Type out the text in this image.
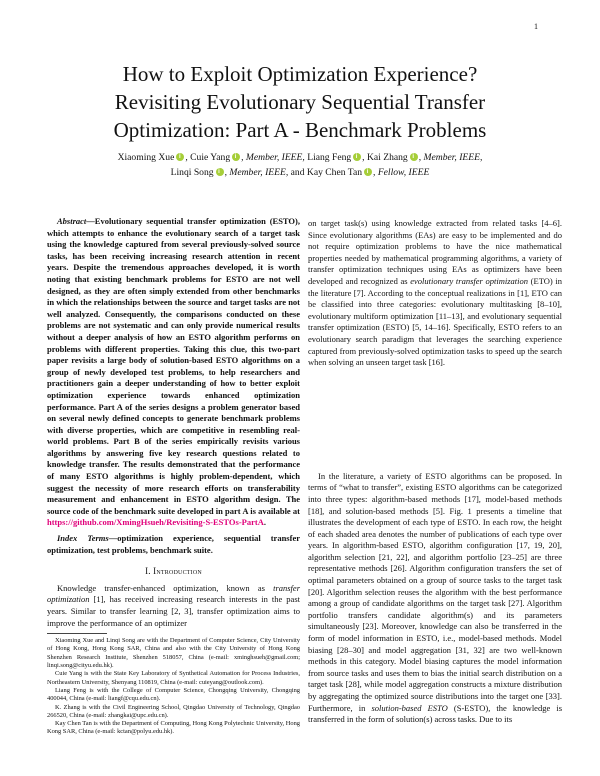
1
How to Exploit Optimization Experience?
Revisiting Evolutionary Sequential Transfer
Optimization: Part A - Benchmark Problems
Xiaoming Xue i , Cuie Yang i , Member, IEEE, Liang Feng i , Kai Zhang i , Member, IEEE,
Linqi Song i , Member, IEEE, and Kay Chen Tan i , Fellow, IEEE

Abstract—Evolutionary sequential transfer optimization (ESTO), which attempts to enhance the evolutionary search of a target task using the knowledge captured from several previously-solved source tasks, has been receiving increasing research attention in recent years. Despite the tremendous approaches developed, it is worth noting that existing benchmark problems for ESTO are not well designed, as they are often simply extended from other benchmarks in which the relationships between the source and target tasks are not well analyzed. Consequently, the comparisons conducted on these problems are not systematic and can only provide numerical results without a deeper analysis of how an ESTO algorithm performs on problems with different properties. Taking this clue, this two-part paper revisits a large body of solution-based ESTO algorithms on a group of newly developed test problems, to help researchers and practitioners gain a deeper understanding of how to better exploit optimization experience towards enhanced optimization performance. Part A of the series designs a problem generator based on several newly defined concepts to generate benchmark problems with diverse properties, which are competitive in resembling real-world problems. Part B of the series empirically revisits various algorithms by answering five key research questions related to knowledge transfer. The results demonstrated that the performance of many ESTO algorithms is highly problem-dependent, which suggest the necessity of more research efforts on transferability measurement and enhancement in ESTO algorithm design. The source code of the benchmark suite developed in part A is available at https://github.com/XmingHsueh/Revisiting-S-ESTOs-PartA.

Index Terms—optimization experience, sequential transfer optimization, test problems, benchmark suite.

I. Introduction

Knowledge transfer-enhanced optimization, known as transfer optimization [1], has received increasing research interests in the past years. Similar to transfer learning [2, 3], transfer optimization aims to improve the performance of an optimizer

Xiaoming Xue and Linqi Song are with the Department of Computer Science, City University of Hong Kong, Hong Kong SAR, China and also with the City University of Hong Kong Shenzhen Research Institute, Shenzhen 518057, China (e-mail: xminghsueh@gmail.com; linqi.song@cityu.edu.hk).

Cuie Yang is with the State Key Laboratory of Synthetical Automation for Process Industries, Northeastern University, Shenyang 110819, China (e-mail: cuieyang@outlook.com).

Liang Feng is with the College of Computer Science, Chongqing University, Chongqing 400044, China (e-mail: liangf@cqu.edu.cn).

K. Zhang is with the Civil Engineering School, Qingdao University of Technology, Qingdao 266520, China (e-mail: zhangkai@upc.edu.cn).

Kay Chen Tan is with the Department of Computing, Hong Kong Polytechnic University, Hong Kong SAR, China (e-mail: kctan@polyu.edu.hk).

on target task(s) using knowledge extracted from related tasks [4–6]. Since evolutionary algorithms (EAs) are easy to be implemented and do not require optimization problems to have the nice mathematical properties needed by mathematical programming algorithms, a variety of transfer optimization techniques using EAs as optimizers have been developed and recognized as evolutionary transfer optimization (ETO) in the literature [7]. According to the conceptual realizations in [1], ETO can be classified into three categories: evolutionary multitasking [8–10], evolutionary multiform optimization [11–13], and evolutionary sequential transfer optimization (ESTO) [5, 14–16]. Specifically, ESTO refers to an evolutionary search paradigm that leverages the searching experience captured from previously-solved optimization tasks to speed up the search when solving an unseen target task [16].

In the literature, a variety of ESTO algorithms can be proposed. In terms of “what to transfer”, existing ESTO algorithms can be categorized into three types: algorithm-based methods [17], model-based methods [18], and solution-based methods [5]. Fig. 1 presents a timeline that illustrates the development of each type of ESTO. In each row, the height of each shaded area denotes the number of publications of each type over years. In algorithm-based ESTO, algorithm configuration [17, 19, 20], algorithm selection [21, 22], and algorithm portfolio [23–25] are three representative methods [26]. Algorithm configuration transfers the set of optimal parameters obtained on a group of source tasks to the target task [20]. Algorithm selection reuses the algorithm with the best performance among a group of candidate algorithms on the target task [27]. Algorithm portfolio transfers candidate algorithm(s) and its parameters simultaneously [23]. Moreover, knowledge can also be transferred in the form of model information in ESTO, i.e., model-based methods. Model biasing [28–30] and model aggregation [31, 32] are two well-known methods in this category. Model biasing captures the model information from source tasks and uses them to bias the initial search distribution on a target task [28], while model aggregation constructs a mixture distribution by aggregating the optimized source distributions into the target one [33]. Furthermore, in solution-based ESTO (S-ESTO), the knowledge is transferred in the form of solution(s) across tasks. Due to its
